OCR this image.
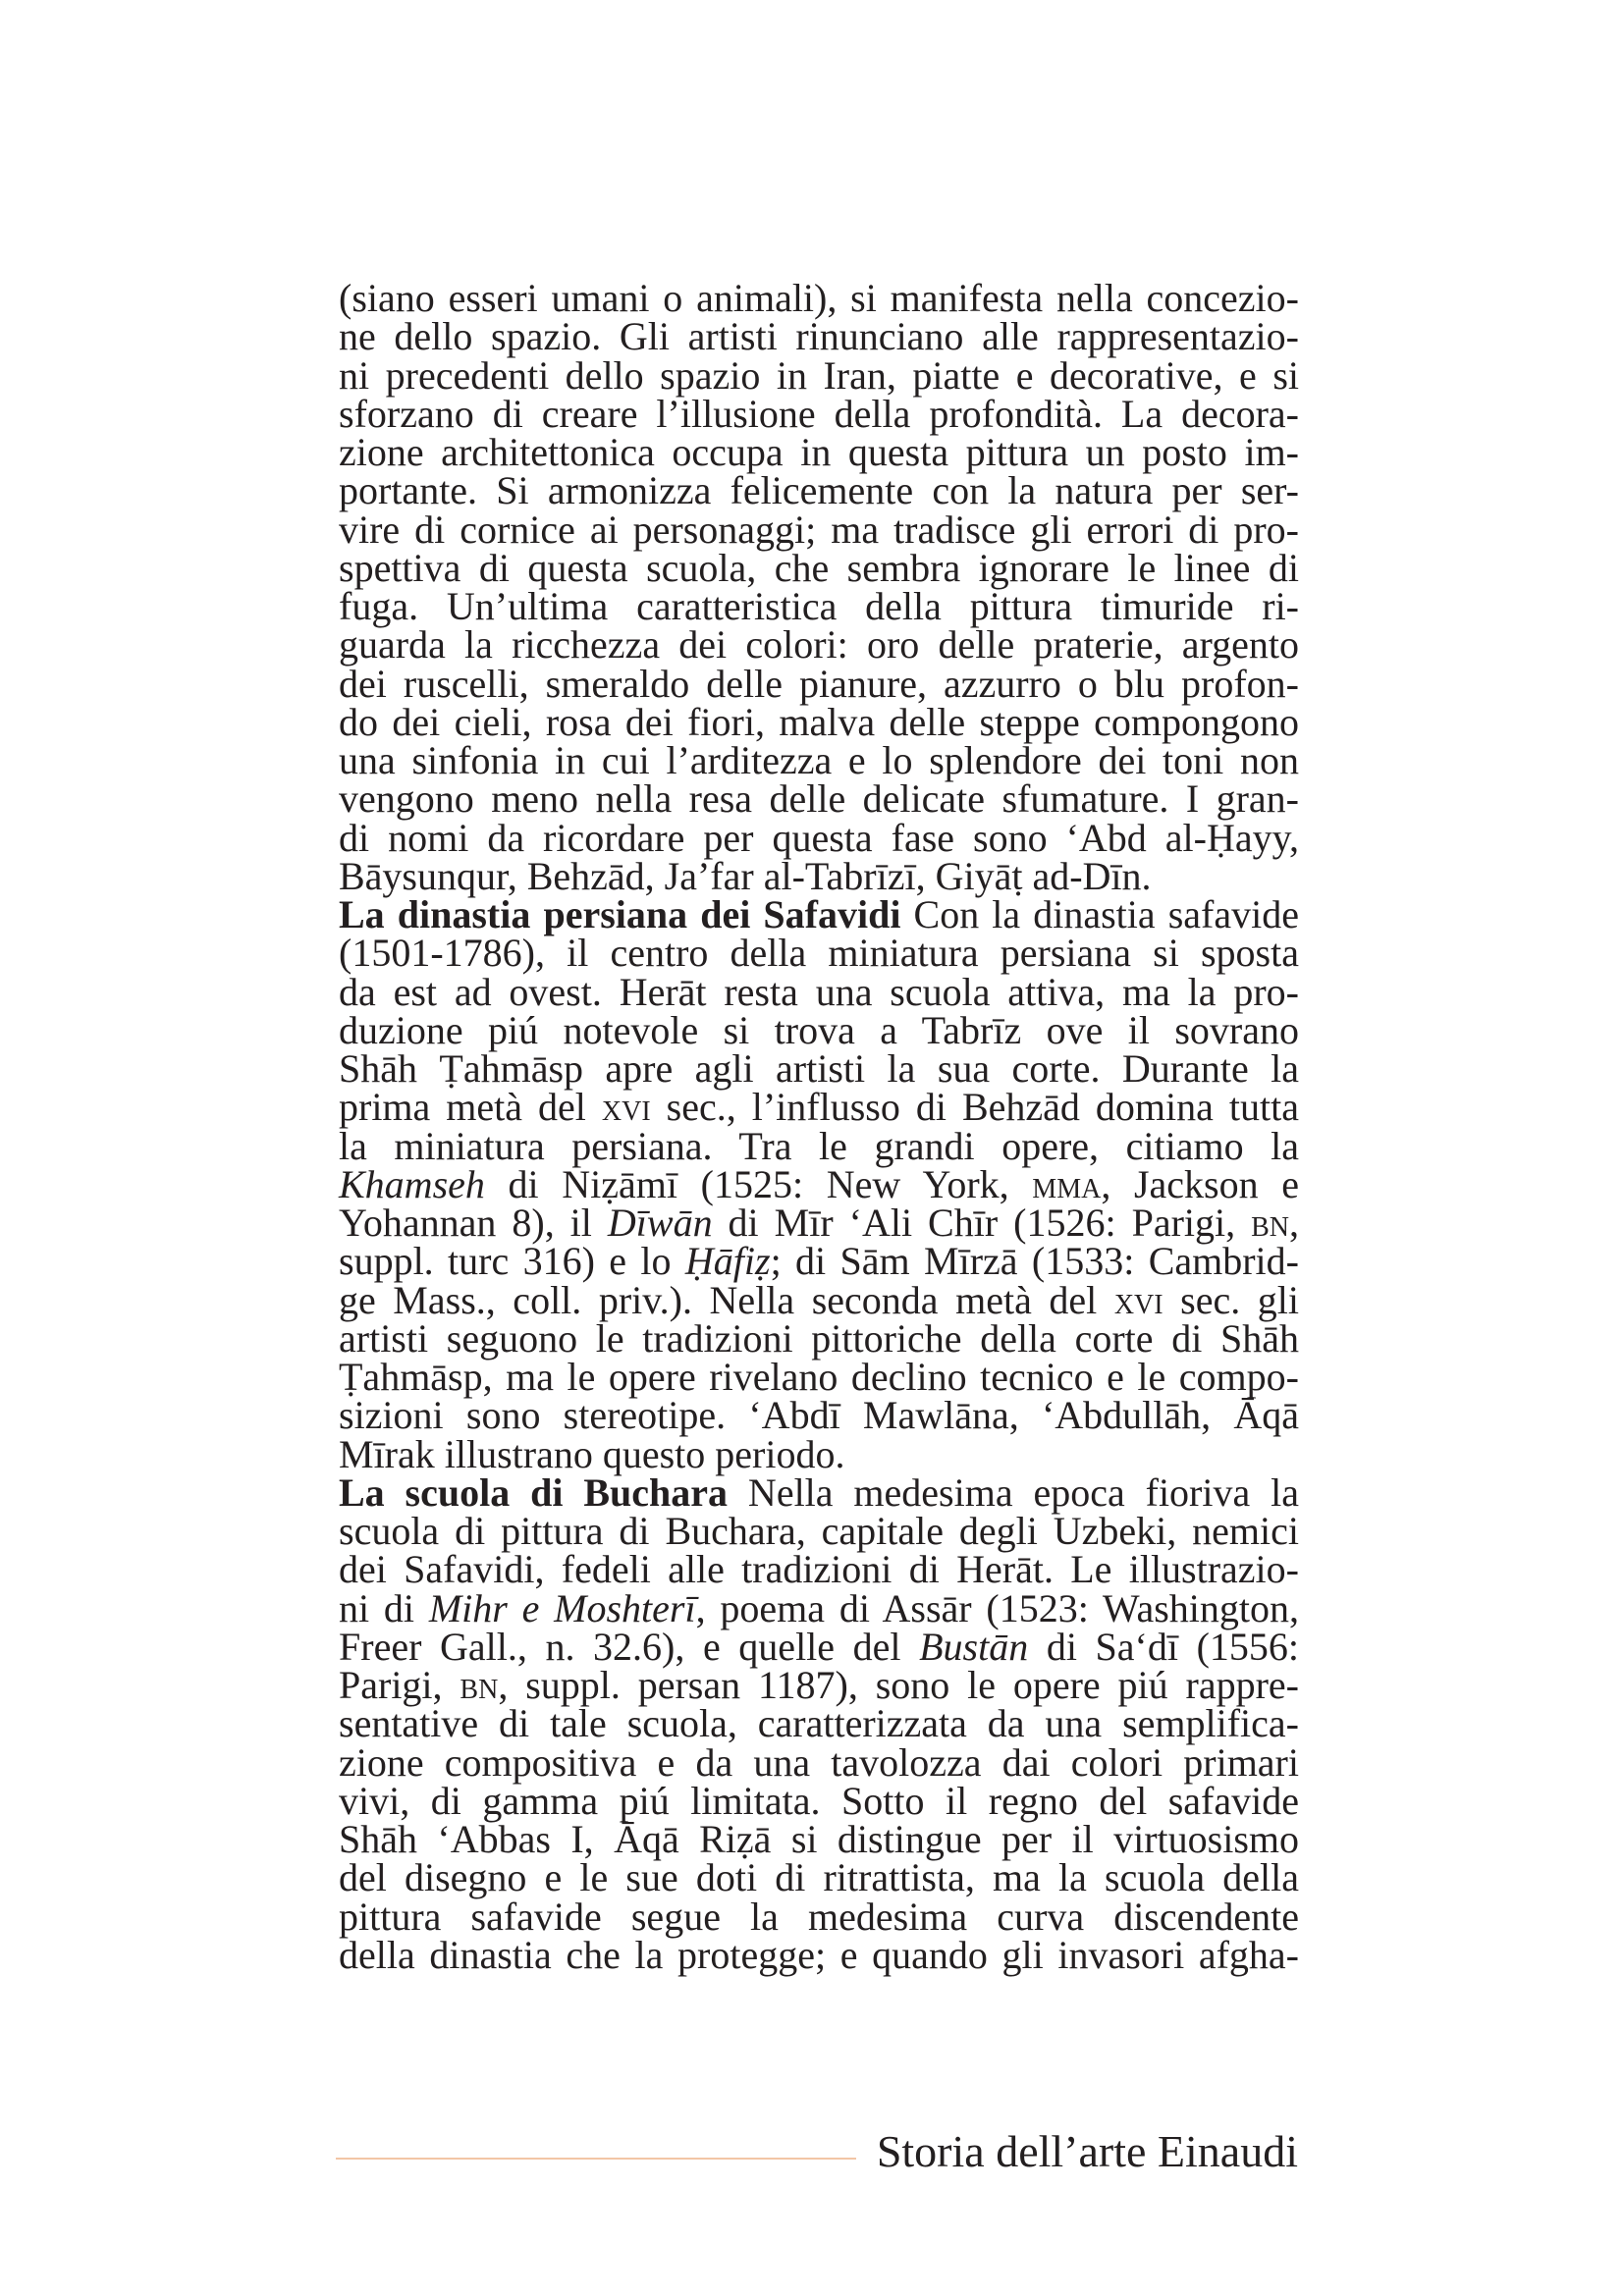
(siano esseri umani o animali), si manifesta nella concezio-
ne dello spazio. Gli artisti rinunciano alle rappresentazio-
ni precedenti dello spazio in Iran, piatte e decorative, e si
sforzano di creare l’illusione della profondità. La decora-
zione architettonica occupa in questa pittura un posto im-
portante. Si armonizza felicemente con la natura per ser-
vire di cornice ai personaggi; ma tradisce gli errori di pro-
spettiva di questa scuola, che sembra ignorare le linee di
fuga. Un’ultima caratteristica della pittura timuride ri-
guarda la ricchezza dei colori: oro delle praterie, argento
dei ruscelli, smeraldo delle pianure, azzurro o blu profon-
do dei cieli, rosa dei fiori, malva delle steppe compongono
una sinfonia in cui l’arditezza e lo splendore dei toni non
vengono meno nella resa delle delicate sfumature. I gran-
di nomi da ricordare per questa fase sono ‘Abd al-Ḥayy,
Bāysunqur, Behzād, Ja’far al-Tabrīzī, Giyāṭ ad-Dīn.
La dinastia persiana dei Safavidi Con la dinastia safavide
(1501-1786), il centro della miniatura persiana si sposta
da est ad ovest. Herāt resta una scuola attiva, ma la pro-
duzione piú notevole si trova a Tabrīz ove il sovrano
Shāh Ṭahmāsp apre agli artisti la sua corte. Durante la
prima metà del xvi sec., l’influsso di Behzād domina tutta
la miniatura persiana. Tra le grandi opere, citiamo la
Khamseh di Niẓāmī (1525: New York, mma, Jackson e
Yohannan 8), il Dīwān di Mīr ‘Ali Chīr (1526: Parigi, bn,
suppl. turc 316) e lo Ḥāfiẓ; di Sām Mīrzā (1533: Cambrid-
ge Mass., coll. priv.). Nella seconda metà del xvi sec. gli
artisti seguono le tradizioni pittoriche della corte di Shāh
Ṭahmāsp, ma le opere rivelano declino tecnico e le compo-
sizioni sono stereotipe. ‘Abdī Mawlāna, ‘Abdullāh, Āqā
Mīrak illustrano questo periodo.
La scuola di Buchara Nella medesima epoca fioriva la
scuola di pittura di Buchara, capitale degli Uzbeki, nemici
dei Safavidi, fedeli alle tradizioni di Herāt. Le illustrazio-
ni di Mihr e Moshterī, poema di Assār (1523: Washington,
Freer Gall., n. 32.6), e quelle del Bustān di Sa‘dī (1556:
Parigi, bn, suppl. persan 1187), sono le opere piú rappre-
sentative di tale scuola, caratterizzata da una semplifica-
zione compositiva e da una tavolozza dai colori primari
vivi, di gamma piú limitata. Sotto il regno del safavide
Shāh ‘Abbas I, Āqā Riẓā si distingue per il virtuosismo
del disegno e le sue doti di ritrattista, ma la scuola della
pittura safavide segue la medesima curva discendente
della dinastia che la protegge; e quando gli invasori afgha-
Storia dell’arte Einaudi
